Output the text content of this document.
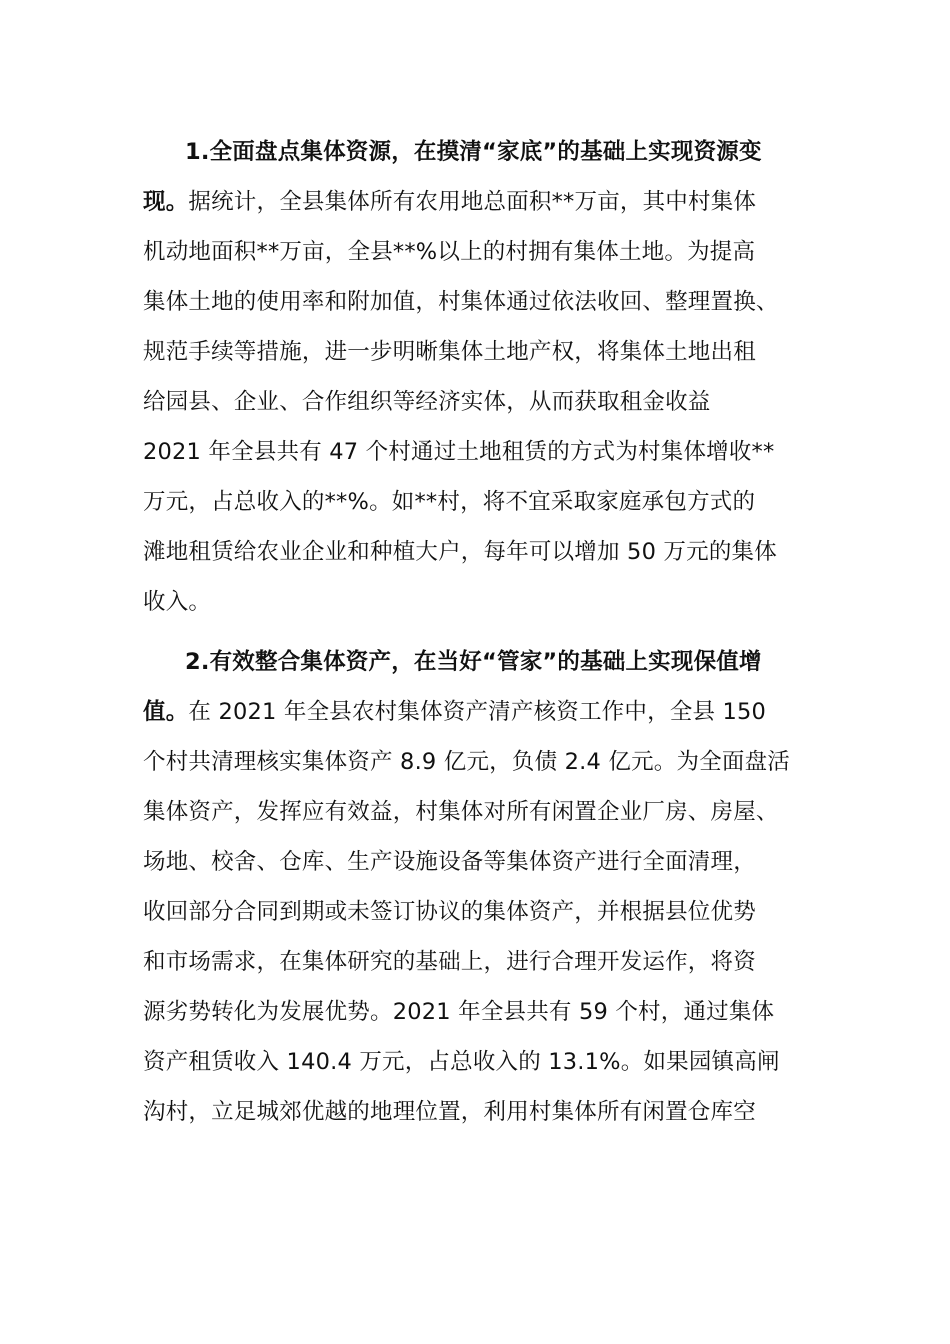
1.全面盘点集体资源，在摸清“家底”的基础上实现资源变
现。据统计，全县集体所有农用地总面积**万亩，其中村集体
机动地面积**万亩，全县**%以上的村拥有集体土地。为提高
集体土地的使用率和附加值，村集体通过依法收回、整理置换、
规范手续等措施，进一步明晰集体土地产权，将集体土地出租
给园县、企业、合作组织等经济实体，从而获取租金收益
2021 年全县共有 47 个村通过土地租赁的方式为村集体增收**
万元，占总收入的**%。如**村，将不宜采取家庭承包方式的
滩地租赁给农业企业和种植大户，每年可以增加 50 万元的集体
收入。
2.有效整合集体资产，在当好“管家”的基础上实现保值增
值。在 2021 年全县农村集体资产清产核资工作中，全县 150
个村共清理核实集体资产 8.9 亿元，负债 2.4 亿元。为全面盘活
集体资产，发挥应有效益，村集体对所有闲置企业厂房、房屋、
场地、校舍、仓库、生产设施设备等集体资产进行全面清理，
收回部分合同到期或未签订协议的集体资产，并根据县位优势
和市场需求，在集体研究的基础上，进行合理开发运作，将资
源劣势转化为发展优势。2021 年全县共有 59 个村，通过集体
资产租赁收入 140.4 万元，占总收入的 13.1%。如果园镇高闸
沟村，立足城郊优越的地理位置，利用村集体所有闲置仓库空
